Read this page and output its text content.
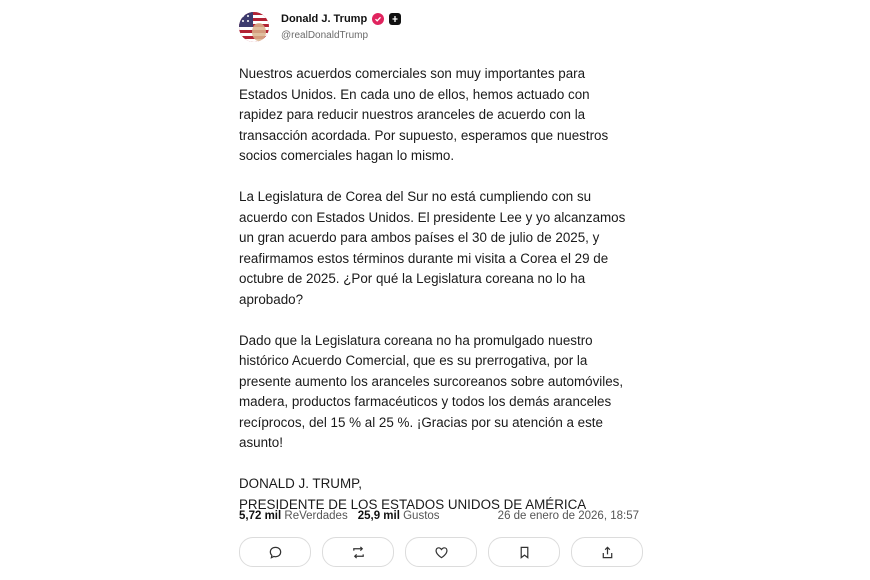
Donald J. Trump
@realDonaldTrump

Nuestros acuerdos comerciales son muy importantes para
Estados Unidos. En cada uno de ellos, hemos actuado con
rapidez para reducir nuestros aranceles de acuerdo con la
transacción acordada. Por supuesto, esperamos que nuestros
socios comerciales hagan lo mismo.

La Legislatura de Corea del Sur no está cumpliendo con su
acuerdo con Estados Unidos. El presidente Lee y yo alcanzamos
un gran acuerdo para ambos países el 30 de julio de 2025, y
reafirmamos estos términos durante mi visita a Corea el 29 de
octubre de 2025. ¿Por qué la Legislatura coreana no lo ha
aprobado?

Dado que la Legislatura coreana no ha promulgado nuestro
histórico Acuerdo Comercial, que es su prerrogativa, por la
presente aumento los aranceles surcoreanos sobre automóviles,
madera, productos farmacéuticos y todos los demás aranceles
recíprocos, del 15 % al 25 %. ¡Gracias por su atención a este
asunto!

DONALD J. TRUMP,
PRESIDENTE DE LOS ESTADOS UNIDOS DE AMÉRICA

5,72 mil
ReVerdades 25,9 mil
Gustos	26 de enero de 2026, 18:57
